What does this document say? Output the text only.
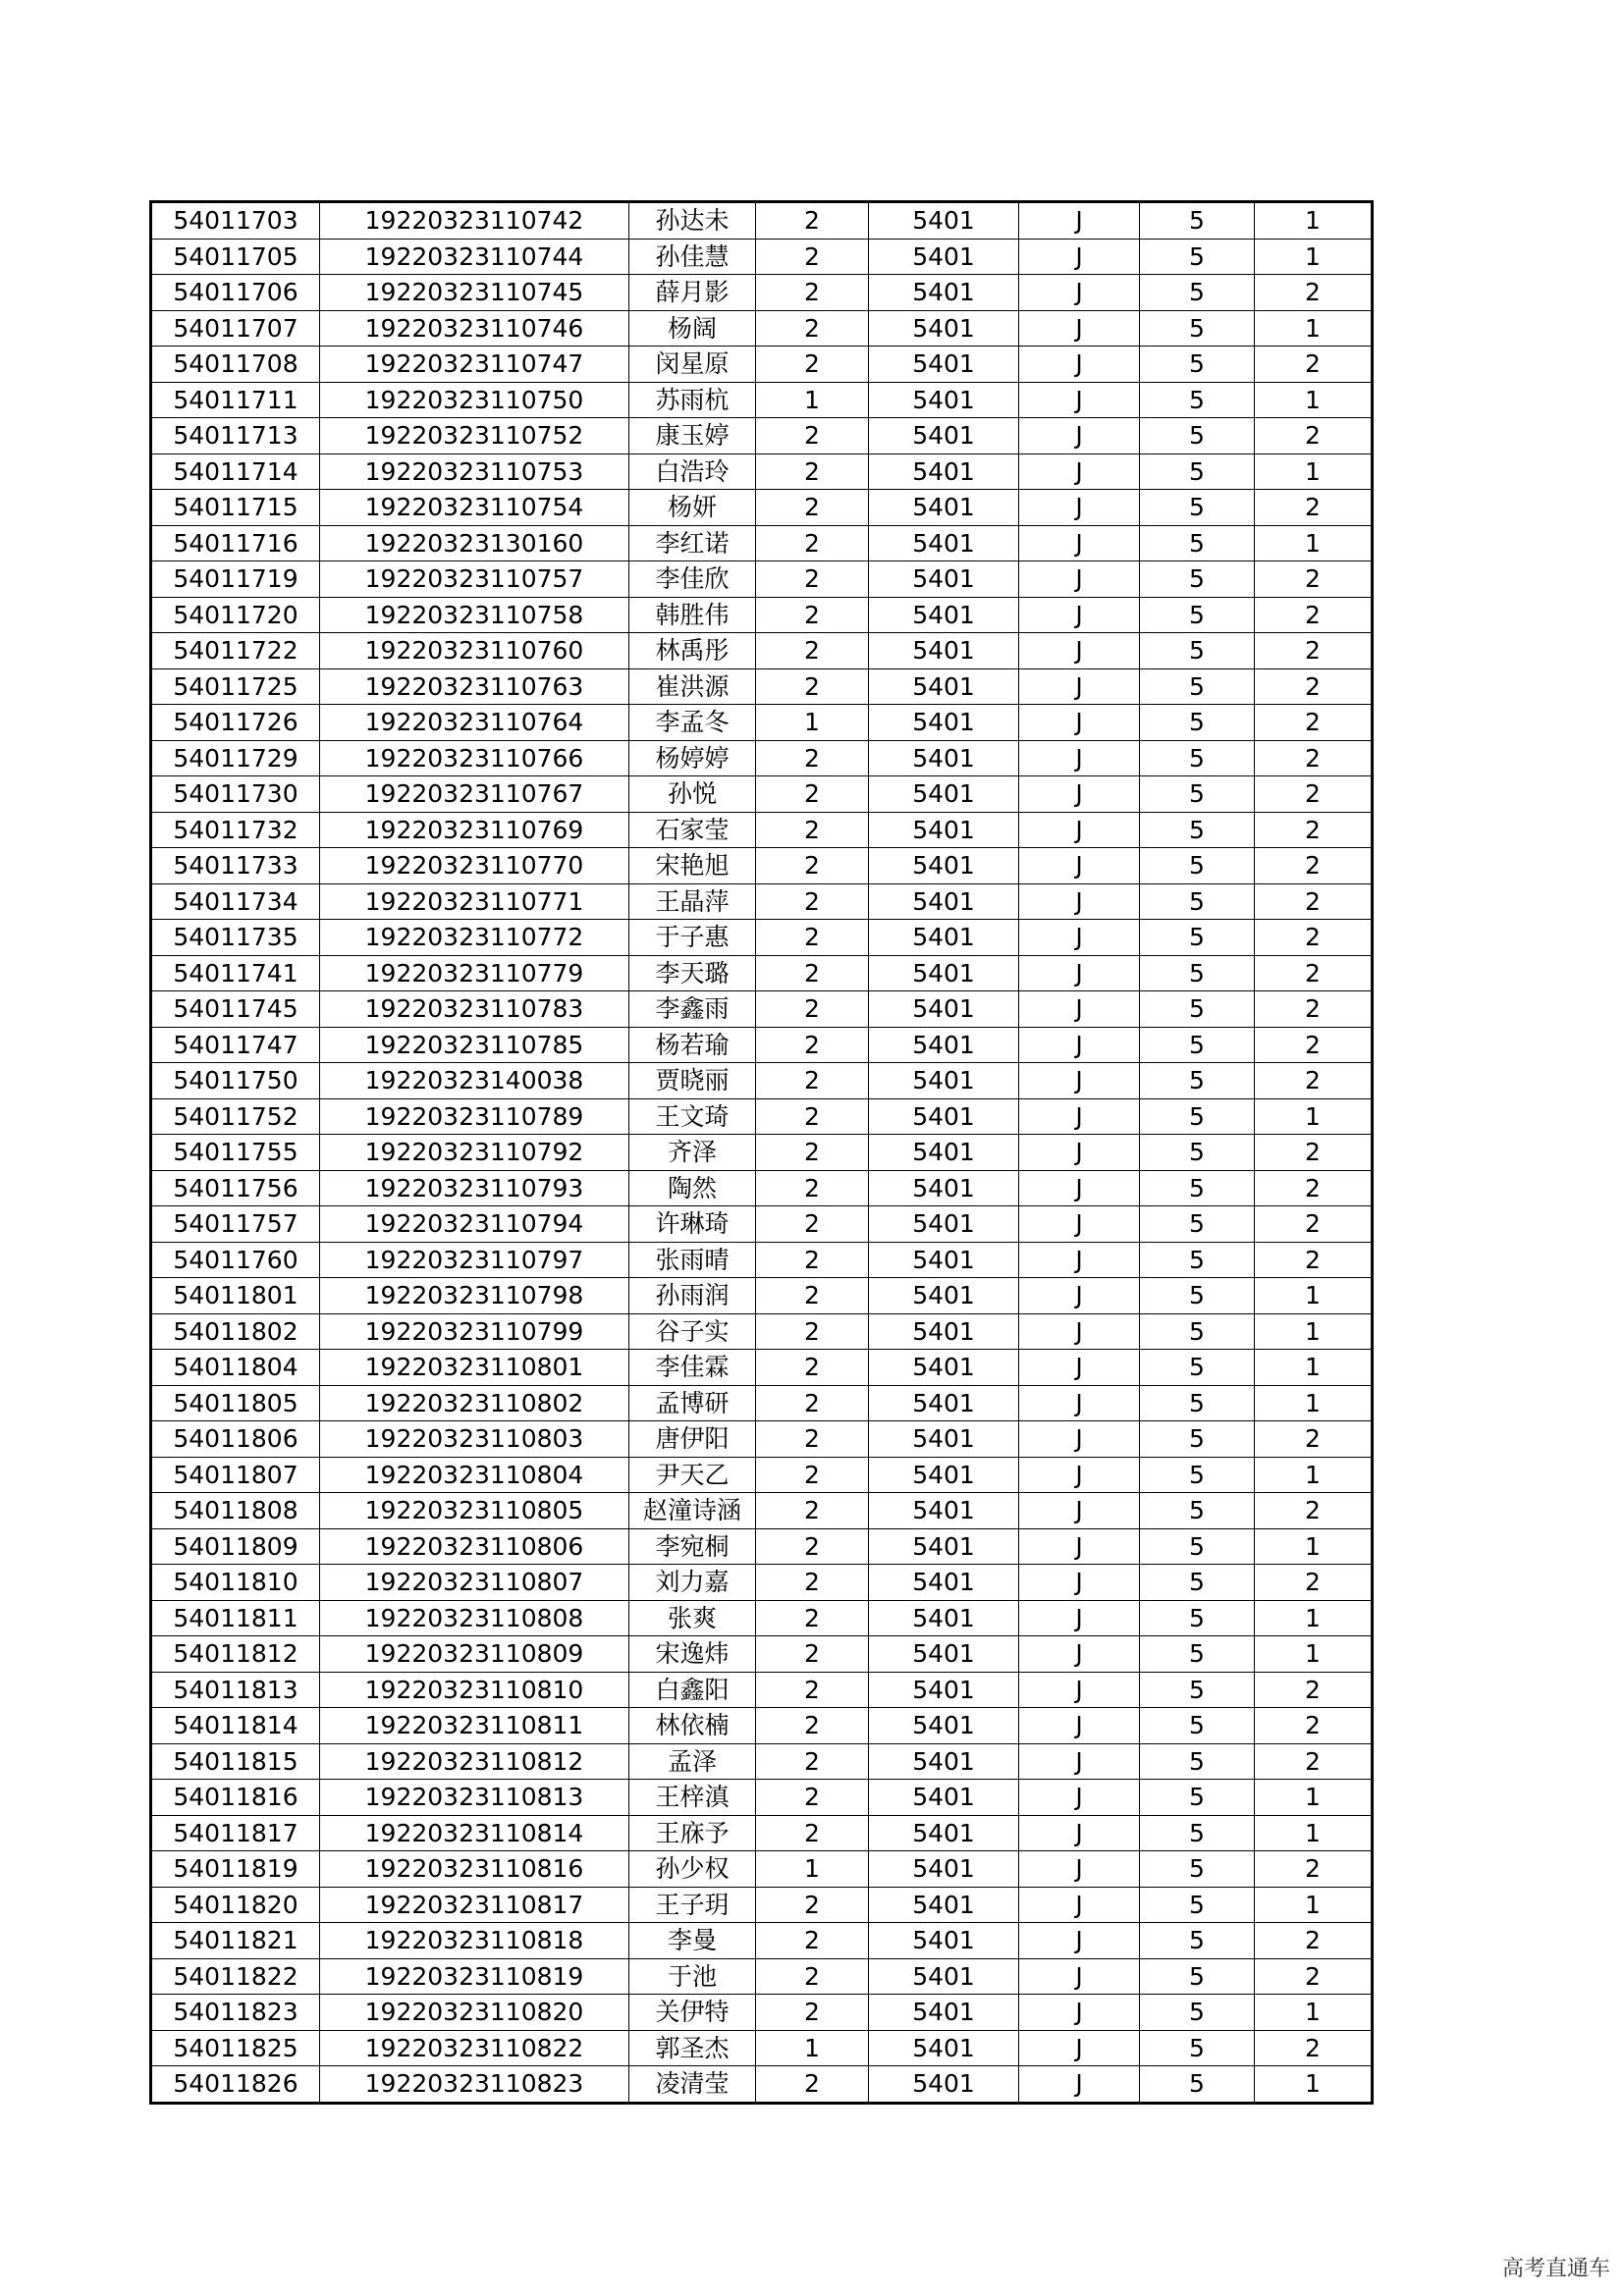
54011703	19220323110742	孙达未	2	5401	J	5	1
54011705	19220323110744	孙佳慧	2	5401	J	5	1
54011706	19220323110745	薛月影	2	5401	J	5	2
54011707	19220323110746	杨阔	2	5401	J	5	1
54011708	19220323110747	闵星原	2	5401	J	5	2
54011711	19220323110750	苏雨杭	1	5401	J	5	1
54011713	19220323110752	康玉婷	2	5401	J	5	2
54011714	19220323110753	白浩玲	2	5401	J	5	1
54011715	19220323110754	杨妍	2	5401	J	5	2
54011716	19220323130160	李红诺	2	5401	J	5	1
54011719	19220323110757	李佳欣	2	5401	J	5	2
54011720	19220323110758	韩胜伟	2	5401	J	5	2
54011722	19220323110760	林禹彤	2	5401	J	5	2
54011725	19220323110763	崔洪源	2	5401	J	5	2
54011726	19220323110764	李孟冬	1	5401	J	5	2
54011729	19220323110766	杨婷婷	2	5401	J	5	2
54011730	19220323110767	孙悦	2	5401	J	5	2
54011732	19220323110769	石家莹	2	5401	J	5	2
54011733	19220323110770	宋艳旭	2	5401	J	5	2
54011734	19220323110771	王晶萍	2	5401	J	5	2
54011735	19220323110772	于子惠	2	5401	J	5	2
54011741	19220323110779	李天璐	2	5401	J	5	2
54011745	19220323110783	李鑫雨	2	5401	J	5	2
54011747	19220323110785	杨若瑜	2	5401	J	5	2
54011750	19220323140038	贾晓丽	2	5401	J	5	2
54011752	19220323110789	王文琦	2	5401	J	5	1
54011755	19220323110792	齐泽	2	5401	J	5	2
54011756	19220323110793	陶然	2	5401	J	5	2
54011757	19220323110794	许琳琦	2	5401	J	5	2
54011760	19220323110797	张雨晴	2	5401	J	5	2
54011801	19220323110798	孙雨润	2	5401	J	5	1
54011802	19220323110799	谷子实	2	5401	J	5	1
54011804	19220323110801	李佳霖	2	5401	J	5	1
54011805	19220323110802	孟博研	2	5401	J	5	1
54011806	19220323110803	唐伊阳	2	5401	J	5	2
54011807	19220323110804	尹天乙	2	5401	J	5	1
54011808	19220323110805	赵潼诗涵	2	5401	J	5	2
54011809	19220323110806	李宛桐	2	5401	J	5	1
54011810	19220323110807	刘力嘉	2	5401	J	5	2
54011811	19220323110808	张爽	2	5401	J	5	1
54011812	19220323110809	宋逸炜	2	5401	J	5	1
54011813	19220323110810	白鑫阳	2	5401	J	5	2
54011814	19220323110811	林依楠	2	5401	J	5	2
54011815	19220323110812	孟泽	2	5401	J	5	2
54011816	19220323110813	王梓滇	2	5401	J	5	1
54011817	19220323110814	王庥予	2	5401	J	5	1
54011819	19220323110816	孙少权	1	5401	J	5	2
54011820	19220323110817	王子玥	2	5401	J	5	1
54011821	19220323110818	李曼	2	5401	J	5	2
54011822	19220323110819	于池	2	5401	J	5	2
54011823	19220323110820	关伊特	2	5401	J	5	1
54011825	19220323110822	郭圣杰	1	5401	J	5	2
54011826	19220323110823	凌清莹	2	5401	J	5	1
高考直通车
